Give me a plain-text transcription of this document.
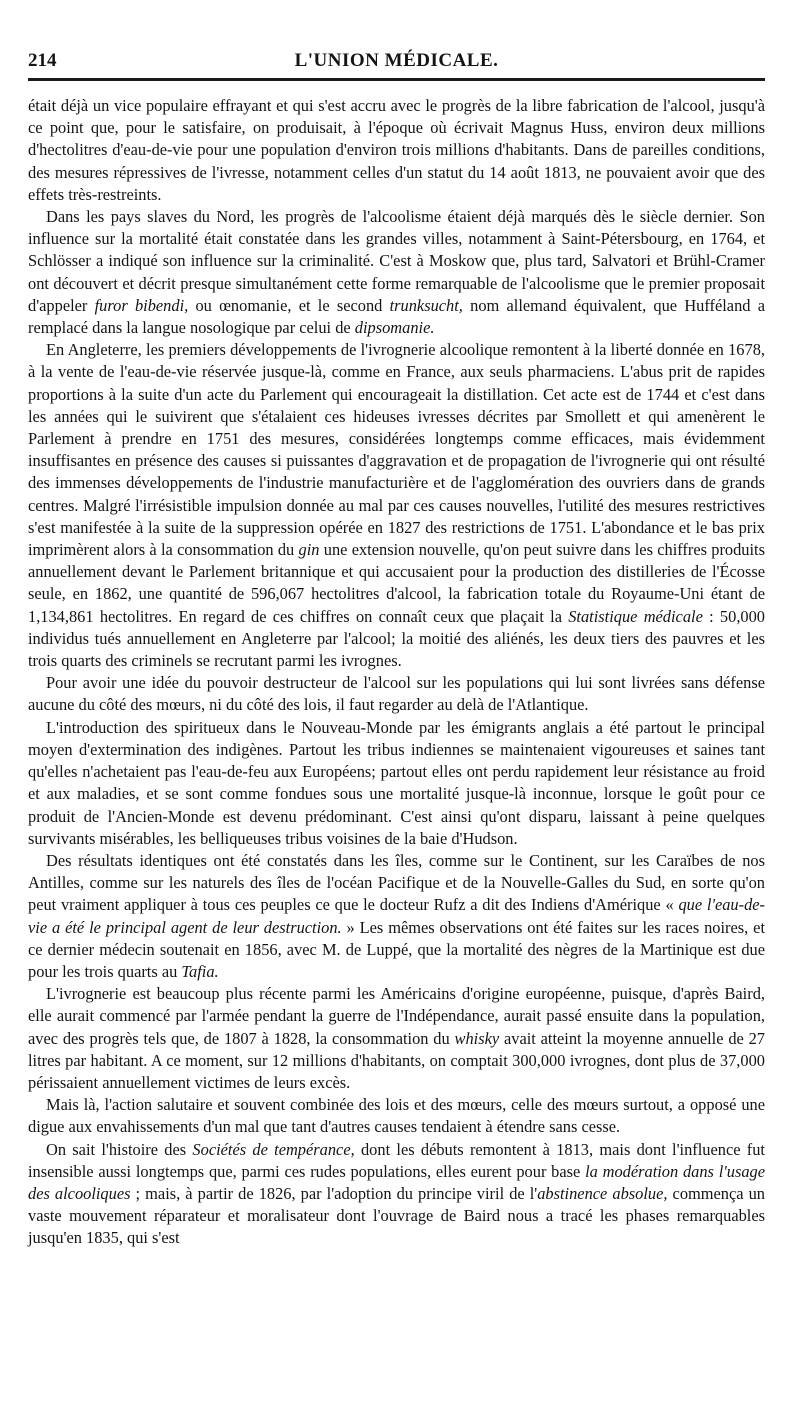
214	L'UNION MÉDICALE.

était déjà un vice populaire effrayant et qui s'est accru avec le progrès de la libre fabrication de l'alcool, jusqu'à ce point que, pour le satisfaire, on produisait, à l'époque où écrivait Magnus Huss, environ deux millions d'hectolitres d'eau-de-vie pour une population d'environ trois millions d'habitants. Dans de pareilles conditions, des mesures répressives de l'ivresse, notamment celles d'un statut du 14 août 1813, ne pouvaient avoir que des effets très-restreints.

Dans les pays slaves du Nord, les progrès de l'alcoolisme étaient déjà marqués dès le siècle dernier. Son influence sur la mortalité était constatée dans les grandes villes, notamment à Saint-Pétersbourg, en 1764, et Schlösser a indiqué son influence sur la criminalité. C'est à Moskow que, plus tard, Salvatori et Brühl-Cramer ont découvert et décrit presque simultanément cette forme remarquable de l'alcoolisme que le premier proposait d'appeler furor bibendi, ou œnomanie, et le second trunksucht, nom allemand équivalent, que Hufféland a remplacé dans la langue nosologique par celui de dipsomanie.

En Angleterre, les premiers développements de l'ivrognerie alcoolique remontent à la liberté donnée en 1678, à la vente de l'eau-de-vie réservée jusque-là, comme en France, aux seuls pharmaciens. L'abus prit de rapides proportions à la suite d'un acte du Parlement qui encourageait la distillation. Cet acte est de 1744 et c'est dans les années qui le suivirent que s'étalaient ces hideuses ivresses décrites par Smollett et qui amenèrent le Parlement à prendre en 1751 des mesures, considérées longtemps comme efficaces, mais évidemment insuffisantes en présence des causes si puissantes d'aggravation et de propagation de l'ivrognerie qui ont résulté des immenses développements de l'industrie manufacturière et de l'agglomération des ouvriers dans de grands centres. Malgré l'irrésistible impulsion donnée au mal par ces causes nouvelles, l'utilité des mesures restrictives s'est manifestée à la suite de la suppression opérée en 1827 des restrictions de 1751. L'abondance et le bas prix imprimèrent alors à la consommation du gin une extension nouvelle, qu'on peut suivre dans les chiffres produits annuellement devant le Parlement britannique et qui accusaient pour la production des distilleries de l'Écosse seule, en 1862, une quantité de 596,067 hectolitres d'alcool, la fabrication totale du Royaume-Uni étant de 1,134,861 hectolitres. En regard de ces chiffres on connaît ceux que plaçait la Statistique médicale : 50,000 individus tués annuellement en Angleterre par l'alcool; la moitié des aliénés, les deux tiers des pauvres et les trois quarts des criminels se recrutant parmi les ivrognes.

Pour avoir une idée du pouvoir destructeur de l'alcool sur les populations qui lui sont livrées sans défense aucune du côté des mœurs, ni du côté des lois, il faut regarder au delà de l'Atlantique.

L'introduction des spiritueux dans le Nouveau-Monde par les émigrants anglais a été partout le principal moyen d'extermination des indigènes. Partout les tribus indiennes se maintenaient vigoureuses et saines tant qu'elles n'achetaient pas l'eau-de-feu aux Européens; partout elles ont perdu rapidement leur résistance au froid et aux maladies, et se sont comme fondues sous une mortalité jusque-là inconnue, lorsque le goût pour ce produit de l'Ancien-Monde est devenu prédominant. C'est ainsi qu'ont disparu, laissant à peine quelques survivants misérables, les belliqueuses tribus voisines de la baie d'Hudson.

Des résultats identiques ont été constatés dans les îles, comme sur le Continent, sur les Caraïbes de nos Antilles, comme sur les naturels des îles de l'océan Pacifique et de la Nouvelle-Galles du Sud, en sorte qu'on peut vraiment appliquer à tous ces peuples ce que le docteur Rufz a dit des Indiens d'Amérique « que l'eau-de-vie a été le principal agent de leur destruction. » Les mêmes observations ont été faites sur les races noires, et ce dernier médecin soutenait en 1856, avec M. de Luppé, que la mortalité des nègres de la Martinique est due pour les trois quarts au Tafia.

L'ivrognerie est beaucoup plus récente parmi les Américains d'origine européenne, puisque, d'après Baird, elle aurait commencé par l'armée pendant la guerre de l'Indépendance, aurait passé ensuite dans la population, avec des progrès tels que, de 1807 à 1828, la consommation du whisky avait atteint la moyenne annuelle de 27 litres par habitant. A ce moment, sur 12 millions d'habitants, on comptait 300,000 ivrognes, dont plus de 37,000 périssaient annuellement victimes de leurs excès.

Mais là, l'action salutaire et souvent combinée des lois et des mœurs, celle des mœurs surtout, a opposé une digue aux envahissements d'un mal que tant d'autres causes tendaient à étendre sans cesse.

On sait l'histoire des Sociétés de tempérance, dont les débuts remontent à 1813, mais dont l'influence fut insensible aussi longtemps que, parmi ces rudes populations, elles eurent pour base la modération dans l'usage des alcooliques ; mais, à partir de 1826, par l'adoption du principe viril de l'abstinence absolue, commença un vaste mouvement réparateur et moralisateur dont l'ouvrage de Baird nous a tracé les phases remarquables jusqu'en 1835, qui s'est
